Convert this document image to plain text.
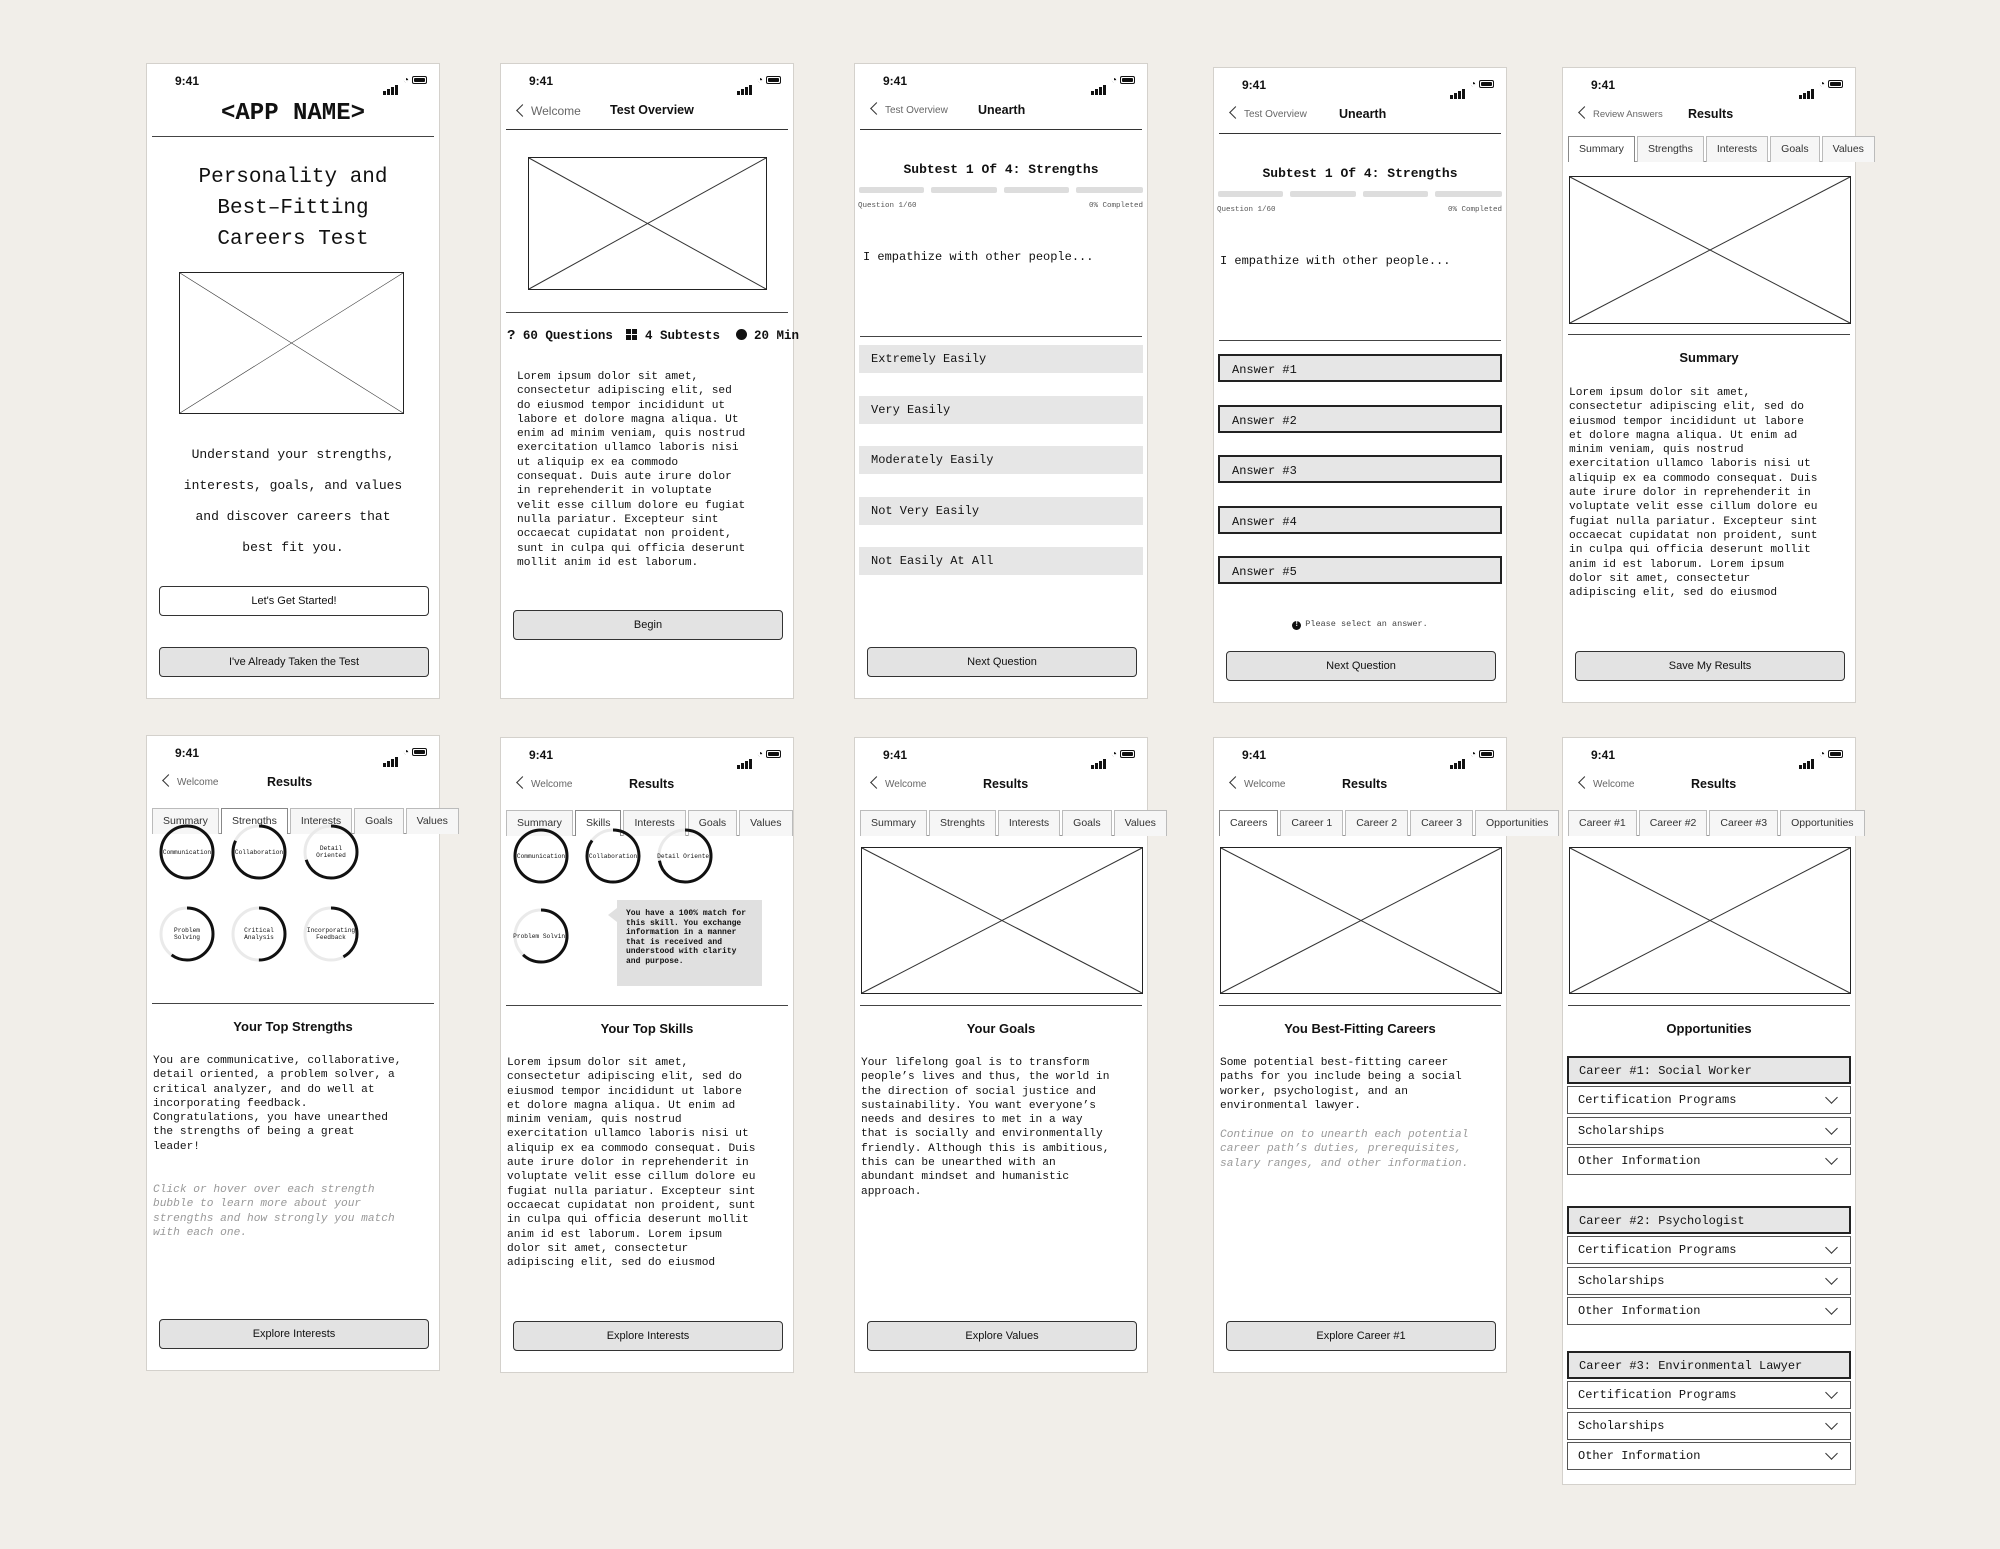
9:41	◔
<APP NAME>
Personality and
Best–Fitting
Careers Test
Understand your strengths,
interests, goals, and values
and discover careers that
best fit you.
Let's Get Started!
I've Already Taken the Test
9:41	◔
Welcome Test Overview
? 60 Questions	4 Subtests	20 Min
Lorem ipsum dolor sit amet,
consectetur adipiscing elit, sed
do eiusmod tempor incididunt ut
labore et dolore magna aliqua. Ut
enim ad minim veniam, quis nostrud
exercitation ullamco laboris nisi
ut aliquip ex ea commodo
consequat. Duis aute irure dolor
in reprehenderit in voluptate
velit esse cillum dolore eu fugiat
nulla pariatur. Excepteur sint
occaecat cupidatat non proident,
sunt in culpa qui officia deserunt
mollit anim id est laborum.
Begin
9:41	◔
Test Overview Unearth
Subtest 1 Of 4: Strengths
Question 1/60	0% Completed
I empathize with other people...
Extremely Easily
Very Easily
Moderately Easily
Not Very Easily
Not Easily At All
Next Question
9:41	◔
Test Overview	Unearth
Subtest 1 Of 4: Strengths
Question 1/60	0% Completed
I empathize with other people...
Answer #1
Answer #2
Answer #3
Answer #4
Answer #5
! Please select an answer.
Next Question
9:41	◔
Review Answers Results
Summary Strengths Interests Goals Values
Summary
Lorem ipsum dolor sit amet,
consectetur adipiscing elit, sed do
eiusmod tempor incididunt ut labore
et dolore magna aliqua. Ut enim ad
minim veniam, quis nostrud
exercitation ullamco laboris nisi ut
aliquip ex ea commodo consequat. Duis
aute irure dolor in reprehenderit in
voluptate velit esse cillum dolore eu
fugiat nulla pariatur. Excepteur sint
occaecat cupidatat non proident, sunt
in culpa qui officia deserunt mollit
anim id est laborum. Lorem ipsum
dolor sit amet, consectetur
adipiscing elit, sed do eiusmod
Save My Results
9:41	◔
Welcome	Results
Summary Strengths Interests Goals Values
Communication	Collaboration	Detail
Oriented
Problem
Solving
Critical
Analysis
Incorporating
Feedback
Your Top Strengths
You are communicative, collaborative,
detail oriented, a problem solver, a
critical analyzer, and do well at
incorporating feedback.
Congratulations, you have unearthed
the strengths of being a great
leader!
Click or hover over each strength
bubble to learn more about your
strengths and how strongly you match
with each one.
Explore Interests
9:41	◔
Welcome	Results
Summary Skills Interests Goals Values
Communication	Collaboration	Detail Oriented
Problem Solving
You have a 100% match for
this skill. You exchange
information in a manner
that is received and
understood with clarity
and purpose.
Your Top Skills
Lorem ipsum dolor sit amet,
consectetur adipiscing elit, sed do
eiusmod tempor incididunt ut labore
et dolore magna aliqua. Ut enim ad
minim veniam, quis nostrud
exercitation ullamco laboris nisi ut
aliquip ex ea commodo consequat. Duis
aute irure dolor in reprehenderit in
voluptate velit esse cillum dolore eu
fugiat nulla pariatur. Excepteur sint
occaecat cupidatat non proident, sunt
in culpa qui officia deserunt mollit
anim id est laborum. Lorem ipsum
dolor sit amet, consectetur
adipiscing elit, sed do eiusmod
Explore Interests
9:41	◔
Welcome	Results
Summary Strenghts Interests Goals Values
Your Goals
Your lifelong goal is to transform
people’s lives and thus, the world in
the direction of social justice and
sustainability. You want everyone’s
needs and desires to met in a way
that is socially and environmentally
friendly. Although this is ambitious,
this can be unearthed with an
abundant mindset and humanistic
approach.
Explore Values
9:41	◔
Welcome	Results
Careers Career 1 Career 2 Career 3 Opportunities
You Best-Fitting Careers
Some potential best-fitting career
paths for you include being a social
worker, psychologist, and an
environmental lawyer.
Continue on to unearth each potential
career path’s duties, prerequisites,
salary ranges, and other information.
Explore Career #1
9:41	◔
Welcome	Results
Career #1 Career #2 Career #3 Opportunities
Opportunities
Career #1: Social Worker
Certification Programs
Scholarships
Other Information
Career #2: Psychologist
Certification Programs
Scholarships
Other Information
Career #3: Environmental Lawyer
Certification Programs
Scholarships
Other Information
